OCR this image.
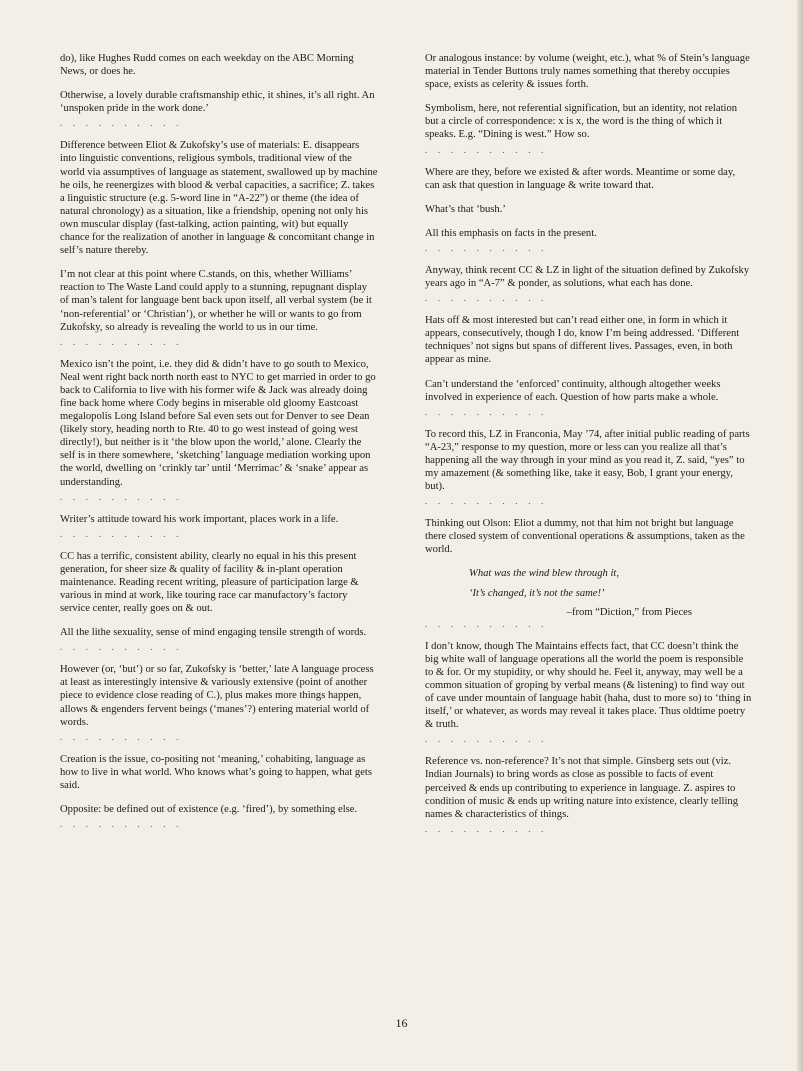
do), like Hughes Rudd comes on each weekday on the ABC Morning News, or does he.

Otherwise, a lovely durable craftsmanship ethic, it shines, it’s all right. An ‘unspoken pride in the work done.’

. . . . . . . . . .

Difference between Eliot & Zukofsky’s use of materials: E. disappears into linguistic conventions, religious symbols, traditional view of the world via assumptives of language as statement, swallowed up by machine he oils, he reenergizes with blood & verbal capacities, a sacrifice; Z. takes a linguistic structure (e.g. 5-word line in “A-22”) or theme (the idea of natural chronology) as a situation, like a friendship, opening not only his own muscular display (fast-talking, action painting, wit) but equally chance for the realization of another in language & concomitant change in self’s nature thereby.

I’m not clear at this point where C.stands, on this, whether Williams’ reaction to The Waste Land could apply to a stunning, repugnant display of man’s talent for language bent back upon itself, all verbal system (be it ‘non-referential’ or ‘Christian’), or whether he will or wants to go from Zukofsky, so already is revealing the world to us in our time.

. . . . . . . . . .

Mexico isn’t the point, i.e. they did & didn’t have to go south to Mexico, Neal went right back north north east to NYC to get married in order to go back to California to live with his former wife & Jack was already doing fine back home where Cody begins in miserable old gloomy Eastcoast megalopolis Long Island before Sal even sets out for Denver to see Dean (likely story, heading north to Rte. 40 to go west instead of going west directly!), but neither is it ‘the blow upon the world,’ alone. Clearly the self is in there somewhere, ‘sketching’ language mediation working upon the world, dwelling on ‘crinkly tar’ until ‘Merrimac’ & ‘snake’ appear as understanding.

. . . . . . . . . .

Writer’s attitude toward his work important, places work in a life.

. . . . . . . . . .

CC has a terrific, consistent ability, clearly no equal in his this present generation, for sheer size & quality of facility & in-plant operation maintenance. Reading recent writing, pleasure of participation large & various in mind at work, like touring race car manufactory’s factory service center, really goes on & out.

All the lithe sexuality, sense of mind engaging tensile strength of words.

. . . . . . . . . .

However (or, ‘but’) or so far, Zukofsky is ‘better,’ late A language process at least as interestingly intensive & variously extensive (point of another piece to evidence close reading of C.), plus makes more things happen, allows & engenders fervent beings (‘manes’?) entering material world of words.

. . . . . . . . . .

Creation is the issue, co-positing not ‘meaning,’ cohabiting, language as how to live in what world. Who knows what’s going to happen, what gets said.

Opposite: be defined out of existence (e.g. ‘fired’), by something else.

. . . . . . . . . .

Or analogous instance: by volume (weight, etc.), what % of Stein’s language material in Tender Buttons truly names something that thereby occupies space, exists as celerity & issues forth.

Symbolism, here, not referential signification, but an identity, not relation but a circle of correspondence: x is x, the word is the thing of which it speaks. E.g. “Dining is west.” How so.

. . . . . . . . . .

Where are they, before we existed & after words. Meantime or some day, can ask that question in language & write toward that.

What’s that ‘bush.’

All this emphasis on facts in the present.

. . . . . . . . . .

Anyway, think recent CC & LZ in light of the situation defined by Zukofsky years ago in “A-7” & ponder, as solutions, what each has done.

. . . . . . . . . .

Hats off & most interested but can’t read either one, in form in which it appears, consecutively, though I do, know I’m being addressed. ‘Different techniques’ not signs but spans of different lives. Passages, even, in both appear as mine.

Can’t understand the ‘enforced’ continuity, although altogether weeks involved in experience of each. Question of how parts make a whole.

. . . . . . . . . .

To record this, LZ in Franconia, May ’74, after initial public reading of parts “A-23,” response to my question, more or less can you realize all that’s happening all the way through in your mind as you read it, Z. said, “yes” to my amazement (& something like, take it easy, Bob, I grant your energy, but).

. . . . . . . . . .

Thinking out Olson: Eliot a dummy, not that him not bright but language there closed system of conventional operations & assumptions, taken as the world.

What was the wind blew through it,

‘It’s changed, it’s not the same!’

–from “Diction,” from Pieces

. . . . . . . . . .

I don’t know, though The Maintains effects fact, that CC doesn’t think the big white wall of language operations all the world the poem is responsible to & for. Or my stupidity, or why should he. Feel it, anyway, may well be a common situation of groping by verbal means (& listening) to find way out of cave under mountain of language habit (haha, dust to more so) to ‘thing in itself,’ or whatever, as words may reveal it takes place. Thus oldtime poetry & truth.

. . . . . . . . . .

Reference vs. non-reference? It’s not that simple. Ginsberg sets out (viz. Indian Journals) to bring words as close as possible to facts of event perceived & ends up contributing to experience in language. Z. aspires to condition of music & ends up writing nature into existence, clearly telling names & characteristics of things.

. . . . . . . . . .
16
